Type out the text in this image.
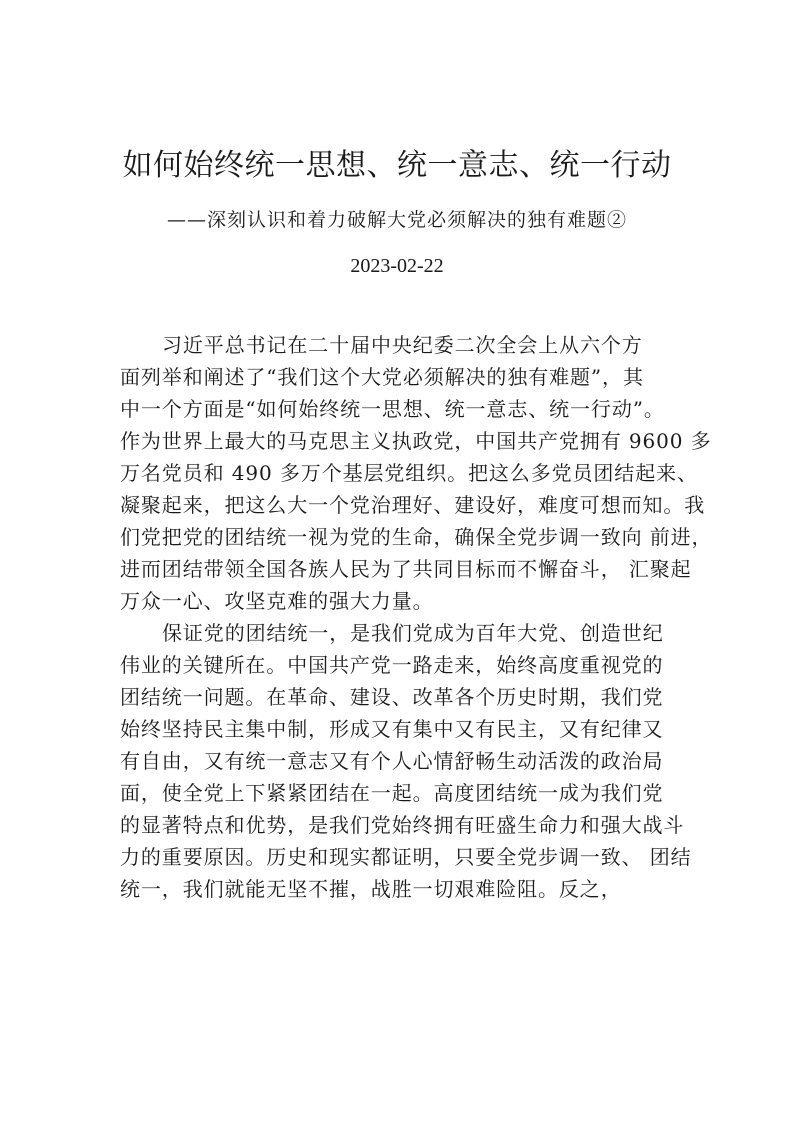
如何始终统一思想、统一意志、统一行动

——深刻认识和着力破解大党必须解决的独有难题②

2023-02-22

习近平总书记在二十届中央纪委二次全会上从六个方
面列举和阐述了“我们这个大党必须解决的独有难题”，其
中一个方面是“如何始终统一思想、统一意志、统一行动”。
作为世界上最大的马克思主义执政党，中国共产党拥有 9600 多
万名党员和 490 多万个基层党组织。把这么多党员团结起来、
凝聚起来，把这么大一个党治理好、建设好，难度可想而知。我
们党把党的团结统一视为党的生命，确保全党步调一致向 前进，
进而团结带领全国各族人民为了共同目标而不懈奋斗， 汇聚起
万众一心、攻坚克难的强大力量。
保证党的团结统一，是我们党成为百年大党、创造世纪
伟业的关键所在。中国共产党一路走来，始终高度重视党的
团结统一问题。在革命、建设、改革各个历史时期，我们党
始终坚持民主集中制，形成又有集中又有民主，又有纪律又
有自由，又有统一意志又有个人心情舒畅生动活泼的政治局
面，使全党上下紧紧团结在一起。高度团结统一成为我们党
的显著特点和优势，是我们党始终拥有旺盛生命力和强大战斗
力的重要原因。历史和现实都证明，只要全党步调一致、 团结
统一，我们就能无坚不摧，战胜一切艰难险阻。反之，
